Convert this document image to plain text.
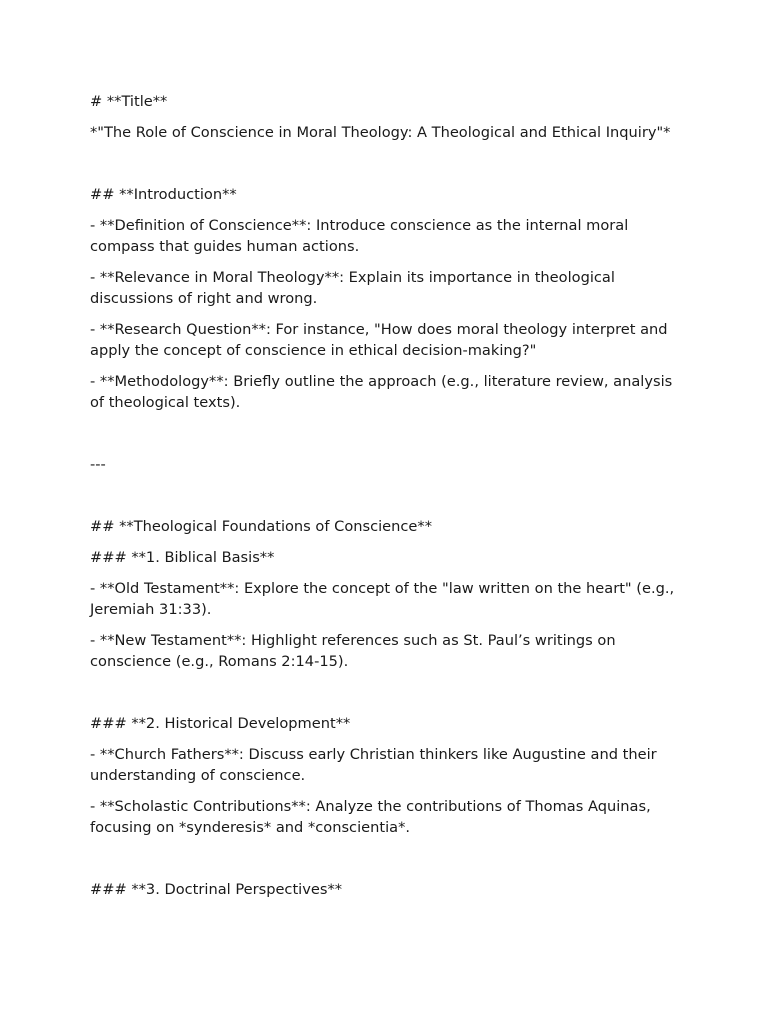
# **Title**

*"The Role of Conscience in Moral Theology: A Theological and Ethical Inquiry"*

## **Introduction**

- **Definition of Conscience**: Introduce conscience as the internal moral compass that guides human actions.

- **Relevance in Moral Theology**: Explain its importance in theological discussions of right and wrong.

- **Research Question**: For instance, "How does moral theology interpret and apply the concept of conscience in ethical decision-making?"

- **Methodology**: Briefly outline the approach (e.g., literature review, analysis of theological texts).

---

## **Theological Foundations of Conscience**

### **1. Biblical Basis**

- **Old Testament**: Explore the concept of the "law written on the heart" (e.g., Jeremiah 31:33).

- **New Testament**: Highlight references such as St. Paul’s writings on conscience (e.g., Romans 2:14-15).

### **2. Historical Development**

- **Church Fathers**: Discuss early Christian thinkers like Augustine and their understanding of conscience.

- **Scholastic Contributions**: Analyze the contributions of Thomas Aquinas, focusing on *synderesis* and *conscientia*.

### **3. Doctrinal Perspectives**
